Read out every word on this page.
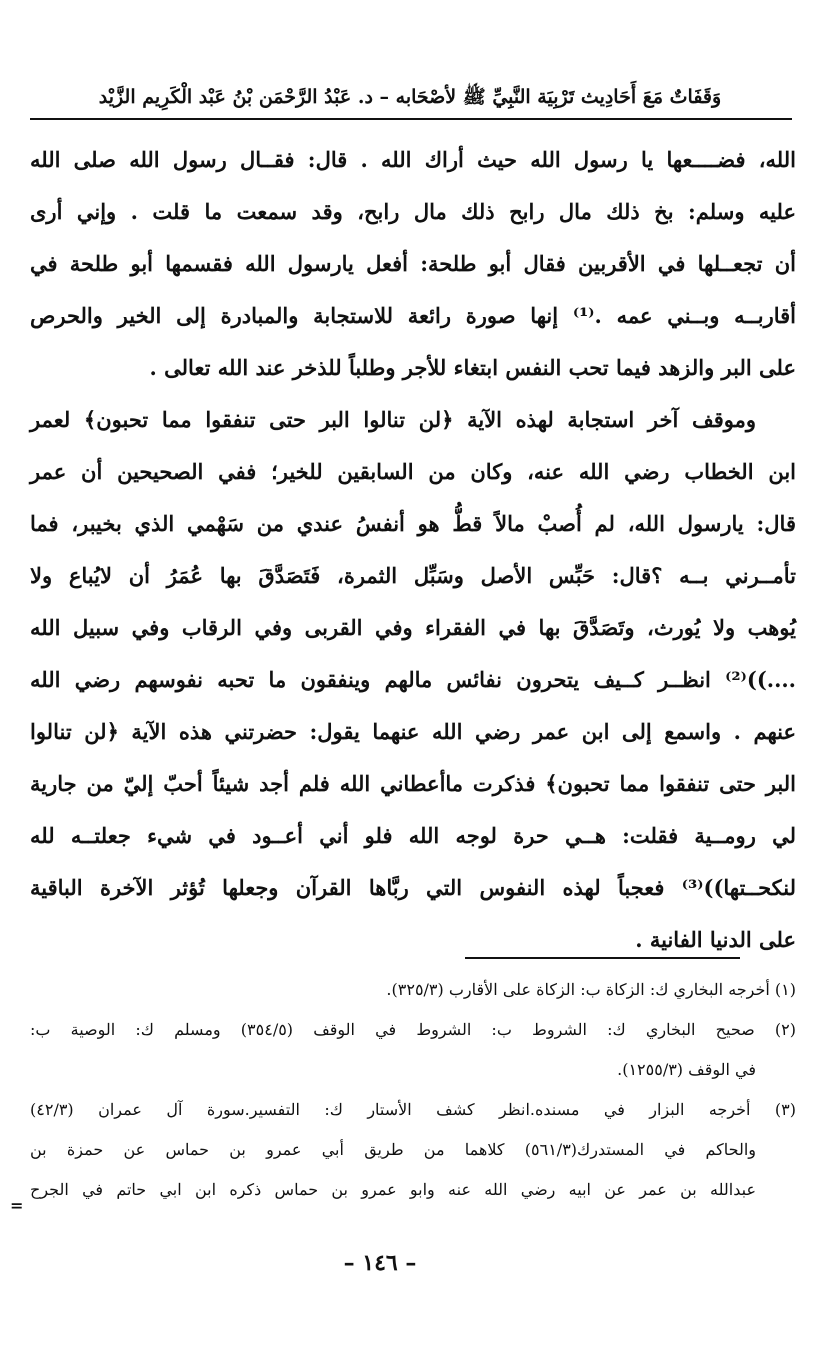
وَقَفَاتٌ مَعَ أَحَادِيث تَرْبِيَة النَّبِيِّ ﷺ لأصْحَابه – د. عَبْدُ الرَّحْمَن بْنُ عَبْد الْكَرِيم الزَّيْد
الله، فضــــعها يا رسول الله حيث أراك الله . قال: فقــال رسول الله صلى الله
عليه وسلم: بخ ذلك مال رابح ذلك مال رابح، وقد سمعت ما قلت . وإني أرى
أن تجعــلها في الأقربين فقال أبو طلحة: أفعل يارسول الله فقسمها أبو طلحة في
أقاربــه وبــني عمه .⁽¹⁾ إنها صورة رائعة للاستجابة والمبادرة إلى الخير والحرص
على البر والزهد فيما تحب النفس ابتغاء للأجر وطلباً للذخر عند الله تعالى .
وموقف آخر استجابة لهذه الآية ﴿لن تنالوا البر حتى تنفقوا مما تحبون﴾ لعمر
ابن الخطاب رضي الله عنه، وكان من السابقين للخير؛ ففي الصحيحين أن عمر
قال: يارسول الله، لم أُصبْ مالاً قطُّ هو أنفسُ عندي من سَهْمي الذي بخيبر، فما
تأمــرني بــه ؟قال: حَبِّس الأصل وسَبِّل الثمرة، فَتَصَدَّقَ بها عُمَرُ أن لايُباع ولا
يُوهب ولا يُورث، وتَصَدَّقَ بها في الفقراء وفي القربى وفي الرقاب وفي سبيل الله
....))⁽²⁾ انظــر كــيف يتحرون نفائس مالهم وينفقون ما تحبه نفوسهم رضي الله
عنهم . واسمع إلى ابن عمر رضي الله عنهما يقول: حضرتني هذه الآية ﴿لن تنالوا
البر حتى تنفقوا مما تحبون﴾ فذكرت ماأعطاني الله فلم أجد شيئاً أحبّ إليّ من جارية
لي رومــية فقلت: هــي حرة لوجه الله فلو أني أعــود في شيء جعلتــه لله
لنكحــتها))⁽³⁾ فعجباً لهذه النفوس التي ربَّاها القرآن وجعلها تُؤثر الآخرة الباقية
على الدنيا الفانية .
(١) أخرجه البخاري ك: الزكاة ب: الزكاة على الأقارب (٣٢٥/٣).
(٢) صحيح البخاري ك: الشروط ب: الشروط في الوقف (٣٥٤/٥) ومسلم ك: الوصية ب:
في الوقف (١٢٥٥/٣).
(٣) أخرجه البزار في مسنده.انظر كشف الأستار ك: التفسير.سورة آل عمران (٤٢/٣)
والحاكم في المستدرك(٥٦١/٣) كلاهما من طريق أبي عمرو بن حماس عن حمزة بن
عبدالله بن عمر عن ابيه رضي الله عنه وابو عمرو بن حماس ذكره ابن ابي حاتم في الجرح
=
– ١٤٦ –
